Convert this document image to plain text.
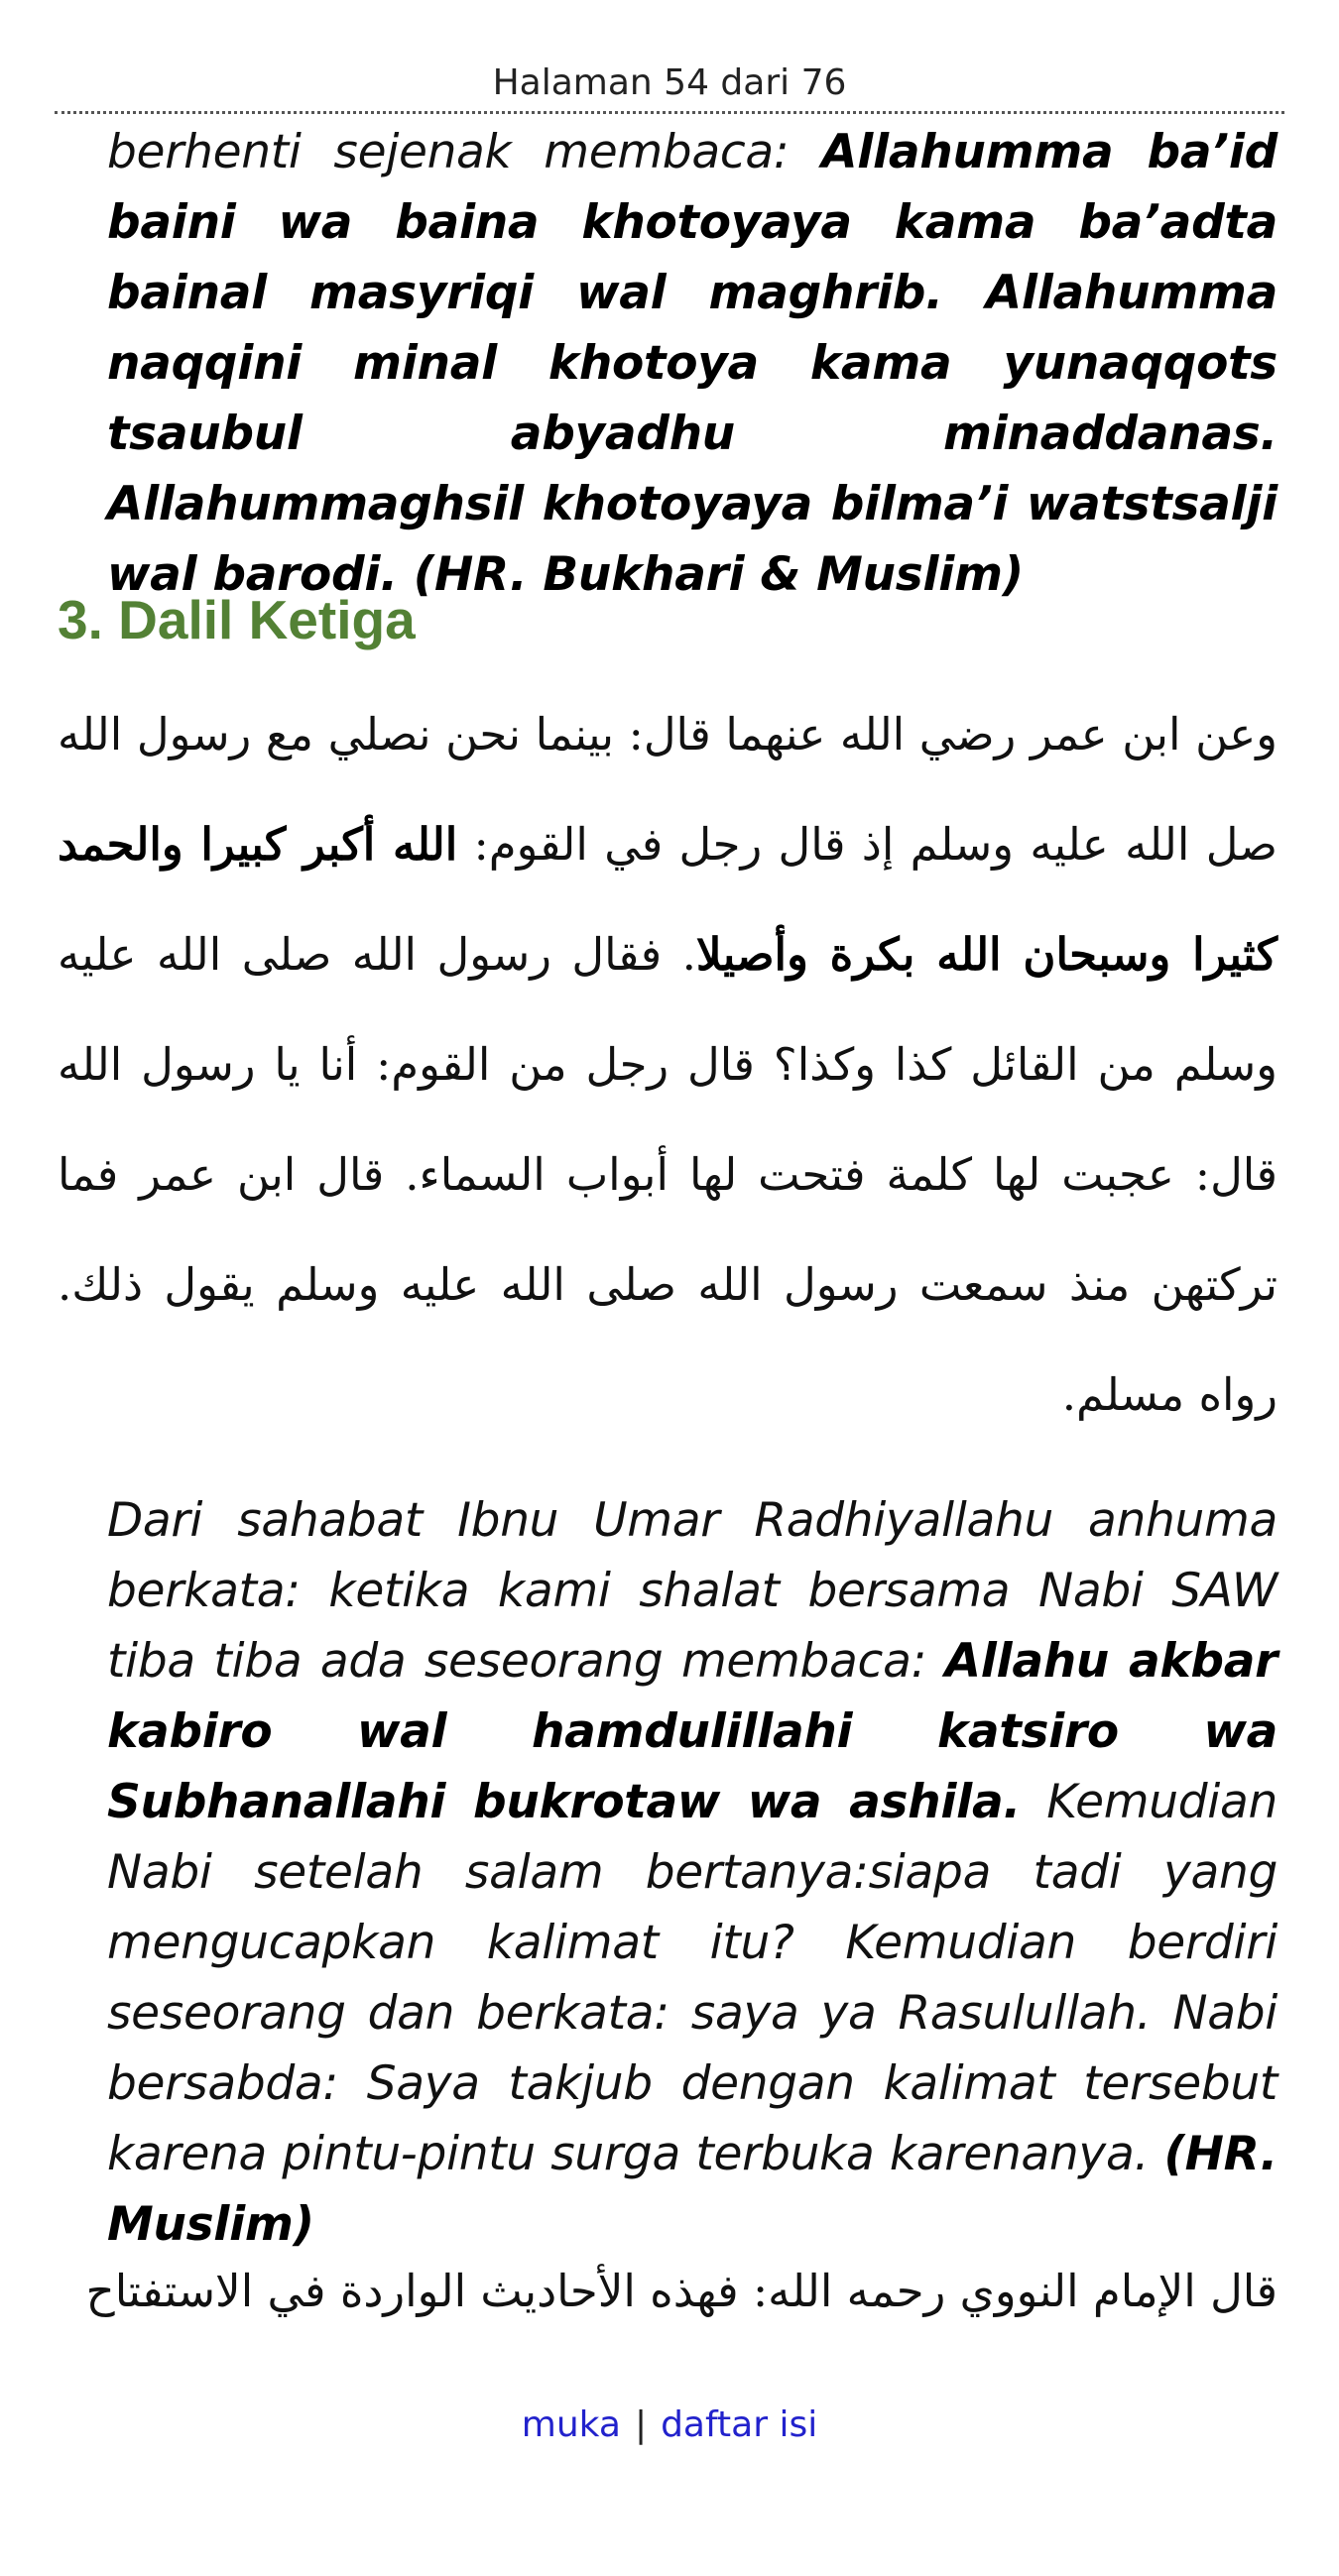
Halaman 54 dari 76
berhenti sejenak membaca: Allahumma ba’id baini wa baina khotoyaya kama ba’adta bainal masyriqi wal maghrib. Allahumma naqqini minal khotoya kama yunaqqots tsaubul abyadhu minaddanas. Allahummaghsil khotoyaya bilma’i watstsalji wal barodi. (HR. Bukhari & Muslim)
3. Dalil Ketiga
وعن ابن عمر رضي الله عنهما قال: بينما نحن نصلي مع رسول الله صل الله عليه وسلم إذ قال رجل في القوم: الله أكبر كبيرا والحمد كثيرا وسبحان الله بكرة وأصيلا. فقال رسول الله صلى الله عليه وسلم من القائل كذا وكذا؟ قال رجل من القوم: أنا يا رسول الله قال: عجبت لها كلمة فتحت لها أبواب السماء. قال ابن عمر فما تركتهن منذ سمعت رسول الله صلى الله عليه وسلم يقول ذلك. رواه مسلم.
Dari sahabat Ibnu Umar Radhiyallahu anhuma berkata: ketika kami shalat bersama Nabi SAW tiba tiba ada seseorang membaca: Allahu akbar kabiro wal hamdulillahi katsiro wa Subhanallahi bukrotaw wa ashila. Kemudian Nabi setelah salam bertanya:siapa tadi yang mengucapkan kalimat itu? Kemudian berdiri seseorang dan berkata: saya ya Rasulullah. Nabi bersabda: Saya takjub dengan kalimat tersebut karena pintu-pintu surga terbuka karenanya. (HR. Muslim)
قال الإمام النووي رحمه الله: فهذه الأحاديث الواردة في الاستفتاح
muka | daftar isi
